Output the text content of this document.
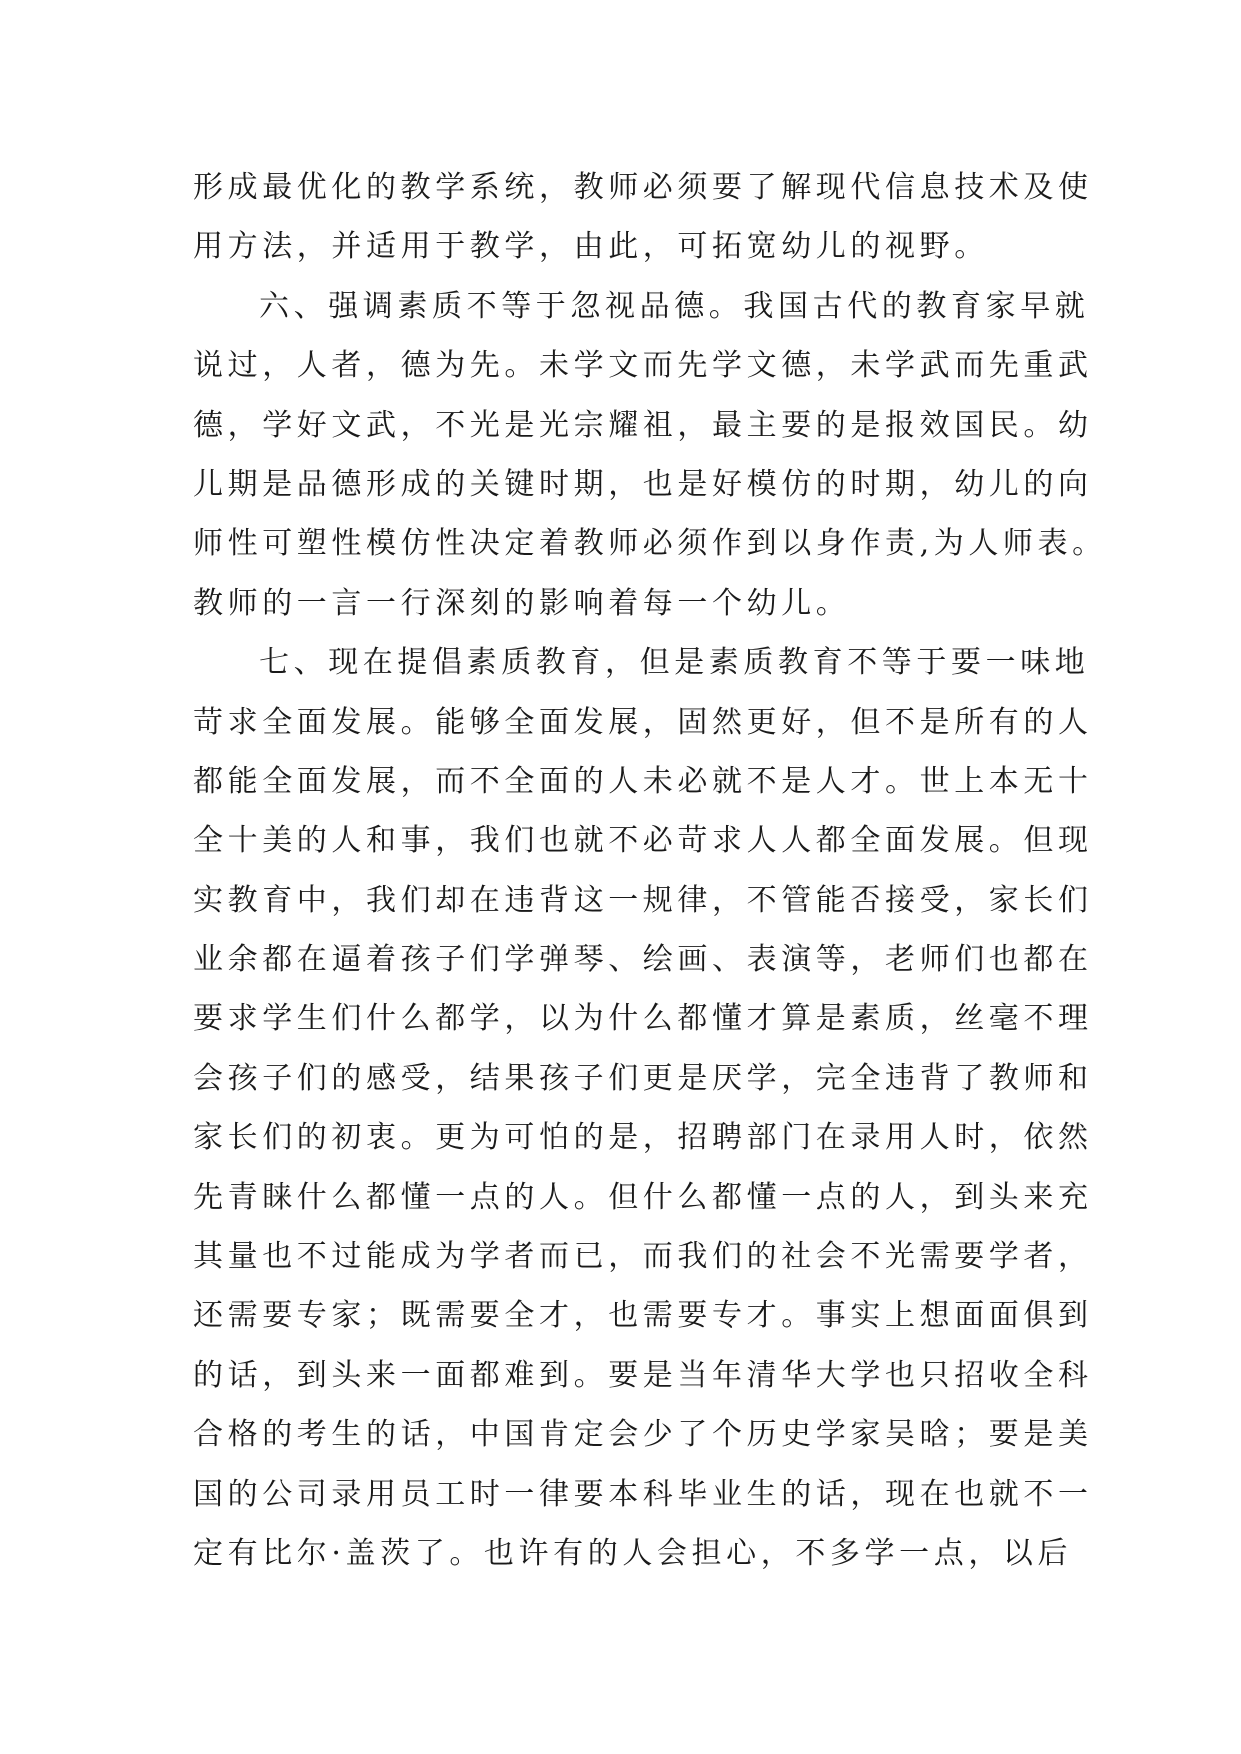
形成最优化的教学系统，教师必须要了解现代信息技术及使
用方法，并适用于教学，由此，可拓宽幼儿的视野。
六、强调素质不等于忽视品德。我国古代的教育家早就
说过，人者，德为先。未学文而先学文德，未学武而先重武
德，学好文武，不光是光宗耀祖，最主要的是报效国民。幼
儿期是品德形成的关键时期，也是好模仿的时期，幼儿的向
师性可塑性模仿性决定着教师必须作到以身作责,为人师表。
教师的一言一行深刻的影响着每一个幼儿。
七、现在提倡素质教育，但是素质教育不等于要一味地
苛求全面发展。能够全面发展，固然更好，但不是所有的人
都能全面发展，而不全面的人未必就不是人才。世上本无十
全十美的人和事，我们也就不必苛求人人都全面发展。但现
实教育中，我们却在违背这一规律，不管能否接受，家长们
业余都在逼着孩子们学弹琴、绘画、表演等，老师们也都在
要求学生们什么都学，以为什么都懂才算是素质，丝毫不理
会孩子们的感受，结果孩子们更是厌学，完全违背了教师和
家长们的初衷。更为可怕的是，招聘部门在录用人时，依然
先青睐什么都懂一点的人。但什么都懂一点的人，到头来充
其量也不过能成为学者而已，而我们的社会不光需要学者，
还需要专家；既需要全才，也需要专才。事实上想面面俱到
的话，到头来一面都难到。要是当年清华大学也只招收全科
合格的考生的话，中国肯定会少了个历史学家吴晗；要是美
国的公司录用员工时一律要本科毕业生的话，现在也就不一
定有比尔·盖茨了。也许有的人会担心，不多学一点，以后
